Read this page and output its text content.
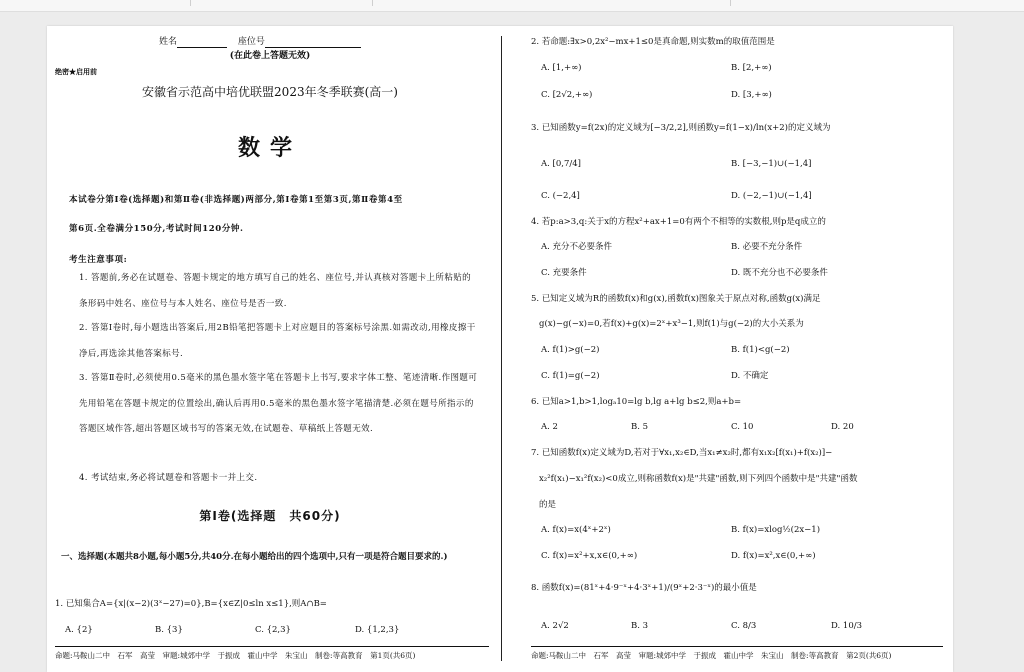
姓名	座位号
(在此卷上答题无效)
绝密★启用前
安徽省示范高中培优联盟2023年冬季联赛(高一)
数学
本试卷分第Ⅰ卷(选择题)和第Ⅱ卷(非选择题)两部分,第Ⅰ卷第1至第3页,第Ⅱ卷第4至
第6页.全卷满分150分,考试时间120分钟.
考生注意事项:
1. 答题前,务必在试题卷、答题卡规定的地方填写自己的姓名、座位号,并认真核对答题卡上所粘贴的条形码中姓名、座位号与本人姓名、座位号是否一致.
2. 答第Ⅰ卷时,每小题选出答案后,用2B铅笔把答题卡上对应题目的答案标号涂黑.如需改动,用橡皮擦干净后,再选涂其他答案标号.
3. 答第Ⅱ卷时,必须使用0.5毫米的黑色墨水签字笔在答题卡上书写,要求字体工整、笔迹清晰.作图题可先用铅笔在答题卡规定的位置绘出,确认后再用0.5毫米的黑色墨水签字笔描清楚.必须在题号所指示的答题区域作答,超出答题区域书写的答案无效,在试题卷、草稿纸上答题无效.
4. 考试结束,务必将试题卷和答题卡一并上交.
第Ⅰ卷(选择题　共60分)
一、选择题(本题共8小题,每小题5分,共40分.在每小题给出的四个选项中,只有一项是符合题目要求的.)
1. 已知集合A={x|(x−2)(3ˣ−27)=0},B={x∈Z|0≤ln x≤1},则A∩B=
A. {2}	B. {3}	C. {2,3}	D. {1,2,3}
2. 若命题:∃x>0,2x²−mx+1≤0是真命题,则实数m的取值范围是
A. [1,+∞)	B. [2,+∞)
C. [2√2,+∞)	D. [3,+∞)
3. 已知函数y=f(2x)的定义域为[−3/2,2],则函数y=f(1−x)/ln(x+2)的定义域为
A. [0,7/4]	B. [−3,−1)∪(−1,4]
C. (−2,4]	D. (−2,−1)∪(−1,4]
4. 若p:a>3,q:关于x的方程x²+ax+1=0有两个不相等的实数根,则p是q成立的
A. 充分不必要条件	B. 必要不充分条件
C. 充要条件	D. 既不充分也不必要条件
5. 已知定义域为R的函数f(x)和g(x),函数f(x)图象关于原点对称,函数g(x)满足
g(x)−g(−x)=0,若f(x)+g(x)=2ˣ+x³−1,则f(1)与g(−2)的大小关系为
A. f(1)>g(−2)	B. f(1)<g(−2)
C. f(1)=g(−2)	D. 不确定
6. 已知a>1,b>1,logₐ10=lg b,lg a+lg b≤2,则a+b=
A. 2	B. 5	C. 10	D. 20
7. 已知函数f(x)定义域为D,若对于∀x₁,x₂∈D,当x₁≠x₂时,都有x₁x₂[f(x₁)+f(x₂)]−
x₂²f(x₁)−x₁²f(x₂)<0成立,则称函数f(x)是"共建"函数,则下列四个函数中是"共建"函数
的是
A. f(x)=x(4ˣ+2ˣ)	B. f(x)=xlog½(2x−1)
C. f(x)=x²+x,x∈(0,+∞)	D. f(x)=x²,x∈(0,+∞)
8. 函数f(x)=(81ˣ+4·9⁻ˣ+4·3ˣ+1)/(9ˣ+2·3⁻ˣ)的最小值是
A. 2√2	B. 3	C. 8/3	D. 10/3
命题:马鞍山二中　石军　高莹　审题:城郊中学　于振成　霍山中学　朱宝山　制卷:等高教育　第1页(共6页)	命题:马鞍山二中　石军　高莹　审题:城郊中学　于振成　霍山中学　朱宝山　制卷:等高教育　第2页(共6页)
